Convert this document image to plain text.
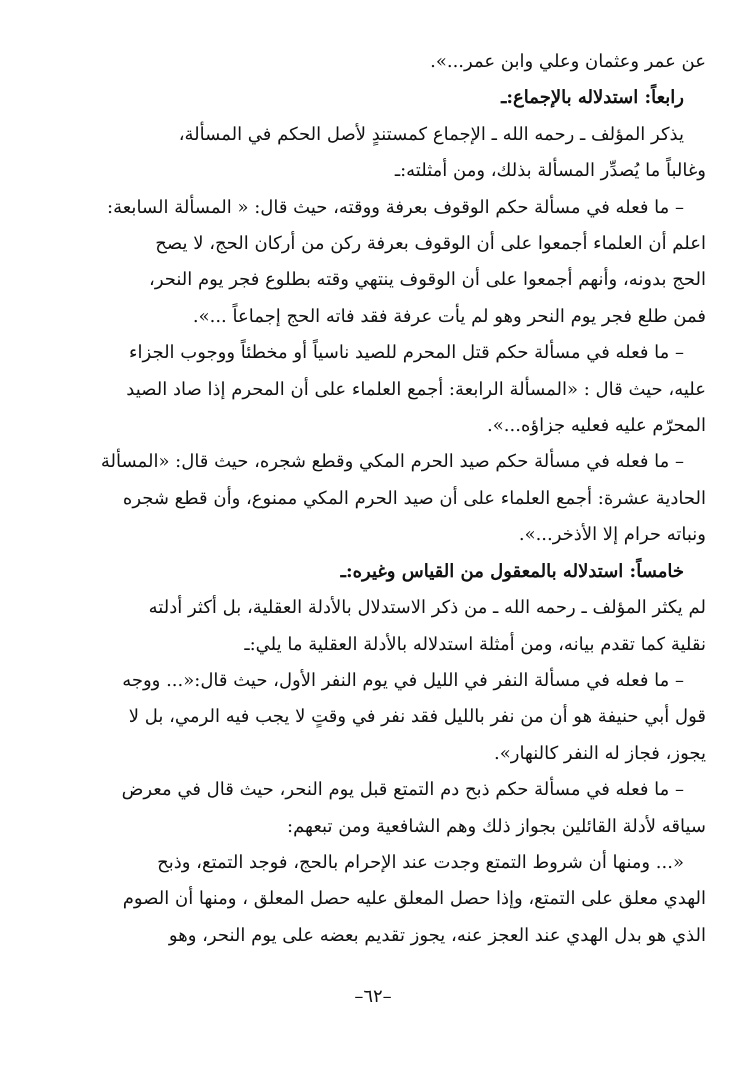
عن عمر وعثمان وعلي وابن عمر...».
رابعاً: استدلاله بالإجماع:ـ
يذكر المؤلف ـ رحمه الله ـ الإجماع كمستندٍ لأصل الحكم في المسألة،
وغالباً ما يُصدِّر المسألة بذلك، ومن أمثلته:ـ
– ما فعله في مسألة حكم الوقوف بعرفة ووقته، حيث قال: « المسألة السابعة:
اعلم أن العلماء أجمعوا على أن الوقوف بعرفة ركن من أركان الحج، لا يصح
الحج بدونه، وأنهم أجمعوا على أن الوقوف ينتهي وقته بطلوع فجر يوم النحر،
فمن طلع فجر يوم النحر وهو لم يأت عرفة فقد فاته الحج إجماعاً ...».
– ما فعله في مسألة حكم قتل المحرم للصيد ناسياً أو مخطئاً ووجوب الجزاء
عليه، حيث قال : «المسألة الرابعة: أجمع العلماء على أن المحرم إذا صاد الصيد
المحرّم عليه فعليه جزاؤه...».
– ما فعله في مسألة حكم صيد الحرم المكي وقطع شجره، حيث قال: «المسألة
الحادية عشرة: أجمع العلماء على أن صيد الحرم المكي ممنوع، وأن قطع شجره
ونباته حرام إلا الأذخر...».
خامساً: استدلاله بالمعقول من القياس وغيره:ـ
لم يكثر المؤلف ـ رحمه الله ـ من ذكر الاستدلال بالأدلة العقلية، بل أكثر أدلته
نقلية كما تقدم بيانه، ومن أمثلة استدلاله بالأدلة العقلية ما يلي:ـ
– ما فعله في مسألة النفر في الليل في يوم النفر الأول، حيث قال:«... ووجه
قول أبي حنيفة هو أن من نفر بالليل فقد نفر في وقتٍ لا يجب فيه الرمي، بل لا
يجوز، فجاز له النفر كالنهار».
– ما فعله في مسألة حكم ذبح دم التمتع قبل يوم النحر، حيث قال في معرض
سياقه لأدلة القائلين بجواز ذلك وهم الشافعية ومن تبعهم:
«... ومنها أن شروط التمتع وجدت عند الإحرام بالحج، فوجد التمتع، وذبح
الهدي معلق على التمتع، وإذا حصل المعلق عليه حصل المعلق ، ومنها أن الصوم
الذي هو بدل الهدي عند العجز عنه، يجوز تقديم بعضه على يوم النحر، وهو
–٦٢–
